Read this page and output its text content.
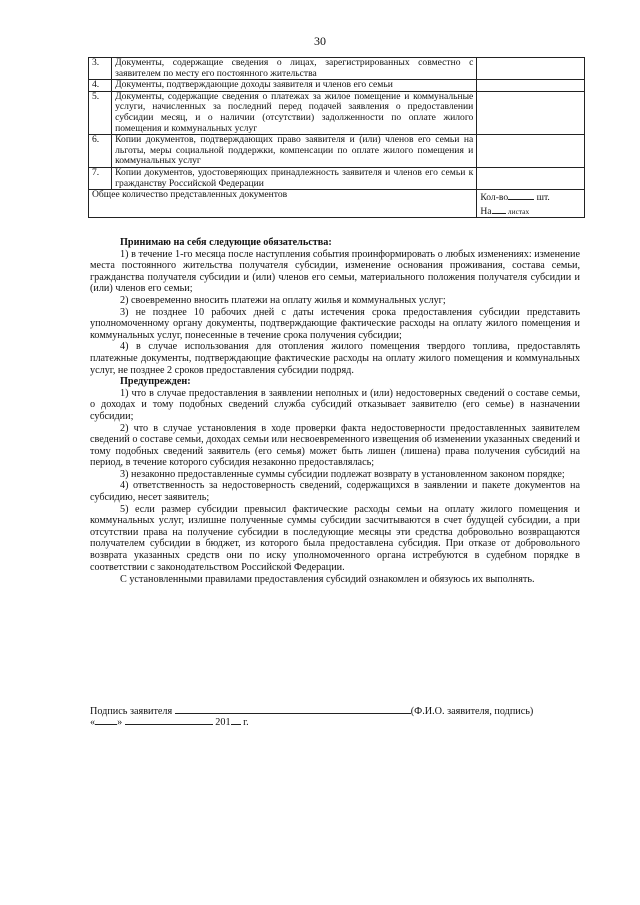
30
3.	Документы, содержащие сведения о лицах, зарегистрированных совместно с заявителем по месту его постоянного жительства	
4.	Документы, подтверждающие доходы заявителя и членов его семьи	
5.	Документы, содержащие сведения о платежах за жилое помещение и коммунальные услуги, начисленных за последний перед подачей заявления о предоставлении субсидии месяц, и о наличии (отсутствии) задолженности по оплате жилого помещения и коммунальных услуг	
6.	Копии документов, подтверждающих право заявителя и (или) членов его семьи на льготы, меры социальной поддержки, компенсации по оплате жилого помещения и коммунальных услуг	
7.	Копии документов, удостоверяющих принадлежность заявителя и членов его семьи к гражданству Российской Федерации	
Общее количество представленных документов		Кол-во шт.
На листах

Принимаю на себя следующие обязательства:

1) в течение 1-го месяца после наступления события проинформировать о любых изменениях: изменение места постоянного жительства получателя субсидии, изменение основания проживания, состава семьи, гражданства получателя субсидии и (или) членов его семьи, материального положения получателя субсидии и (или) членов его семьи;

2) своевременно вносить платежи на оплату жилья и коммунальных услуг;

3) не позднее 10 рабочих дней с даты истечения срока предоставления субсидии представить уполномоченному органу документы, подтверждающие фактические расходы на оплату жилого помещения и коммунальных услуг, понесенные в течение срока получения субсидии;

4) в случае использования для отопления жилого помещения твердого топлива, предоставлять платежные документы, подтверждающие фактические расходы на оплату жилого помещения и коммунальных услуг, не позднее 2 сроков предоставления субсидии подряд.

Предупрежден:

1) что в случае предоставления в заявлении неполных и (или) недостоверных сведений о составе семьи, о доходах и тому подобных сведений служба субсидий отказывает заявителю (его семье) в назначении субсидии;

2) что в случае установления в ходе проверки факта недостоверности предоставленных заявителем сведений о составе семьи, доходах семьи или несвоевременного извещения об изменении указанных сведений и тому подобных сведений заявитель (его семья) может быть лишен (лишена) права получения субсидий на период, в течение которого субсидия незаконно предоставлялась;

3) незаконно предоставленные суммы субсидии подлежат возврату в установленном законом порядке;

4) ответственность за недостоверность сведений, содержащихся в заявлении и пакете документов на субсидию, несет заявитель;

5) если размер субсидии превысил фактические расходы семьи на оплату жилого помещения и коммунальных услуг, излишне полученные суммы субсидии засчитываются в счет будущей субсидии, а при отсутствии права на получение субсидии в последующие месяцы эти средства добровольно возвращаются получателем субсидии в бюджет, из которого была предоставлена субсидия. При отказе от добровольного возврата указанных средств они по иску уполномоченного органа истребуются в судебном порядке в соответствии с законодательством Российской Федерации.

С установленными правилами предоставления субсидий ознакомлен и обязуюсь их выполнять.

Подпись заявителя	(Ф.И.О. заявителя, подпись)
« »	201 г.
